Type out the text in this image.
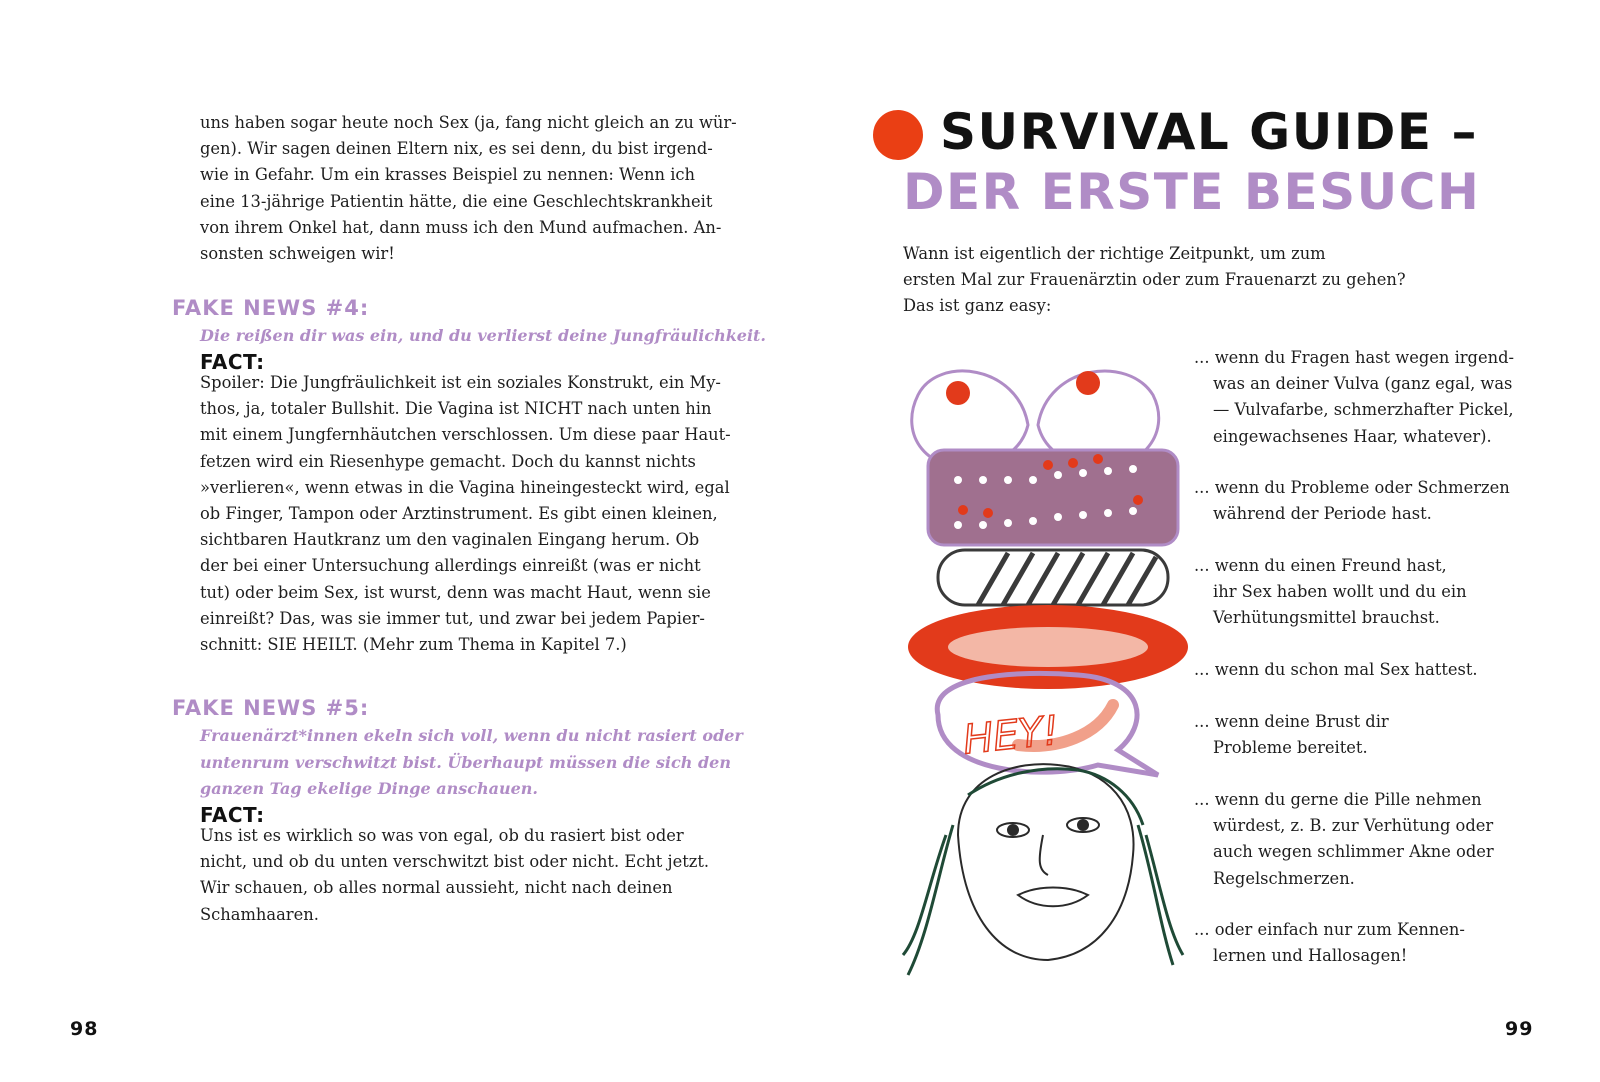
uns haben sogar heute noch Sex (ja, fang nicht gleich an zu wür-
gen). Wir sagen deinen Eltern nix, es sei denn, du bist irgend-
wie in Gefahr. Um ein krasses Beispiel zu nennen: Wenn ich
eine 13-jährige Patientin hätte, die eine Geschlechtskrankheit
von ihrem Onkel hat, dann muss ich den Mund aufmachen. An-
sonsten schweigen wir!

FAKE NEWS #4:
Die reißen dir was ein, und du verlierst deine Jungfräulichkeit.
FACT:

Spoiler: Die Jungfräulichkeit ist ein soziales Konstrukt, ein My-
thos, ja, totaler Bullshit. Die Vagina ist NICHT nach unten hin
mit einem Jungfernhäutchen verschlossen. Um diese paar Haut-
fetzen wird ein Riesenhype gemacht. Doch du kannst nichts
»verlieren«, wenn etwas in die Vagina hineingesteckt wird, egal
ob Finger, Tampon oder Arztinstrument. Es gibt einen kleinen,
sichtbaren Hautkranz um den vaginalen Eingang herum. Ob
der bei einer Untersuchung allerdings einreißt (was er nicht
tut) oder beim Sex, ist wurst, denn was macht Haut, wenn sie
einreißt? Das, was sie immer tut, und zwar bei jedem Papier-
schnitt: SIE HEILT. (Mehr zum Thema in Kapitel 7.)

FAKE NEWS #5:
Frauenärzt*innen ekeln sich voll, wenn du nicht rasiert oder
untenrum verschwitzt bist. Überhaupt müssen die sich den
ganzen Tag ekelige Dinge anschauen.
FACT:

Uns ist es wirklich so was von egal, ob du rasiert bist oder
nicht, und ob du unten verschwitzt bist oder nicht. Echt jetzt.
Wir schauen, ob alles normal aussieht, nicht nach deinen
Schamhaaren.

98
SURVIVAL GUIDE –
DER ERSTE BESUCH

Wann ist eigentlich der richtige Zeitpunkt, um zum
ersten Mal zur Frauenärztin oder zum Frauenarzt zu gehen?
Das ist ganz easy:

HEY!
... wenn du Fragen hast wegen irgend-
was an deiner Vulva (ganz egal, was
— Vulvafarbe, schmerzhafter Pickel,
eingewachsenes Haar, whatever).
... wenn du Probleme oder Schmerzen
während der Periode hast.
... wenn du einen Freund hast,
ihr Sex haben wollt und du ein
Verhütungsmittel brauchst.
... wenn du schon mal Sex hattest.
... wenn deine Brust dir
Probleme bereitet.
... wenn du gerne die Pille nehmen
würdest, z. B. zur Verhütung oder
auch wegen schlimmer Akne oder
Regelschmerzen.
... oder einfach nur zum Kennen-
lernen und Hallosagen!
99
